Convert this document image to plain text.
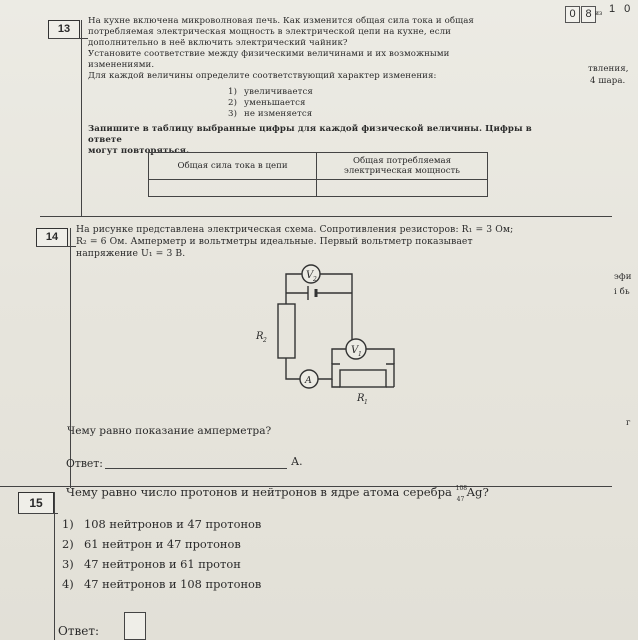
0 8 из 1 0
твления,
4 шара.
эфи
і бь
г
13
На кухне включена микроволновая печь. Как изменится общая сила тока и общая
потребляемая электрическая мощность в электрической цепи на кухне, если
дополнительно в неё включить электрический чайник?
Установите соответствие между физическими величинами и их возможными
изменениями.
Для каждой величины определите соответствующий характер изменения:
1) увеличивается
2) уменьшается
3) не изменяется
Запишите в таблицу выбранные цифры для каждой физической величины. Цифры в ответе
могут повторяться.
Общая сила тока в цепи	Общая потребляемая электрическая мощность

14
На рисунке представлена электрическая схема. Сопротивления резисторов: R₁ = 3 Ом;
R₂ = 6 Ом. Амперметр и вольтметры идеальные. Первый вольтметр показывает
напряжение U₁ = 3 В.
V 2
V 1
A
R 2
R 1
Чему равно показание амперметра?
Ответ:	А.
15
Чему равно число протонов и нейтронов в ядре атома серебра 108
47
Ag ?
1) 108 нейтронов и 47 протонов
2) 61 нейтрон и 47 протонов
3) 47 нейтронов и 61 протон
4) 47 нейтронов и 108 протонов
Ответ:
